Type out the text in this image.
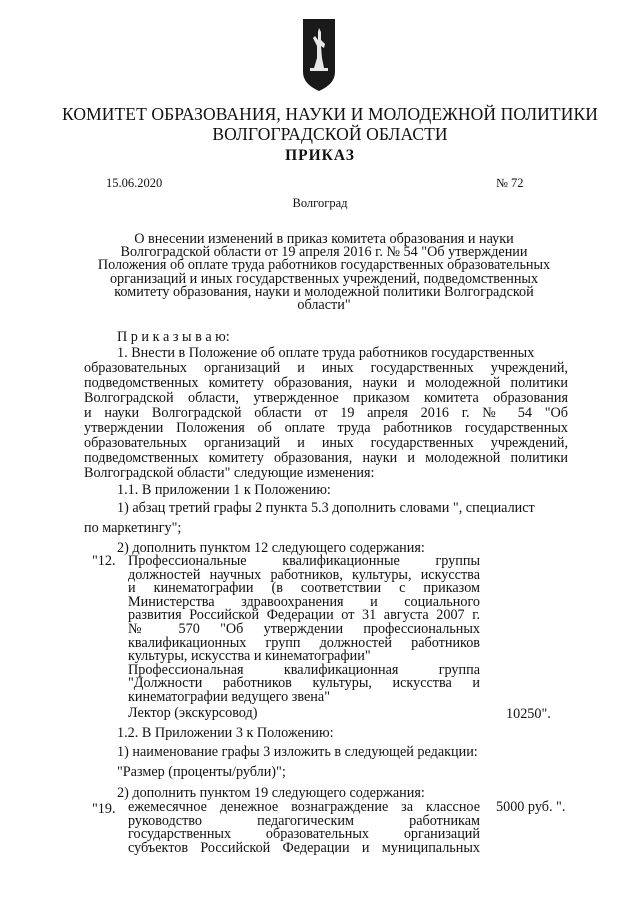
КОМИТЕТ ОБРАЗОВАНИЯ, НАУКИ И МОЛОДЕЖНОЙ ПОЛИТИКИ
ВОЛГОГРАДСКОЙ ОБЛАСТИ
ПРИКАЗ
15.06.2020	№ 72
Волгоград
О внесении изменений в приказ комитета образования и науки
Волгоградской области от 19 апреля 2016 г. № 54 "Об утверждении
Положения об оплате труда работников государственных образовательных
организаций и иных государственных учреждений, подведомственных
комитету образования, науки и молодежной политики Волгоградской
области"
П р и к а з ы в а ю:
1. Внести в Положение об оплате труда работников государственных
образовательных организаций и иных государственных учреждений,
подведомственных комитету образования, науки и молодежной политики
Волгоградской области, утвержденное приказом комитета образования
и науки Волгоградской области от 19 апреля 2016 г. № 54 "Об
утверждении Положения об оплате труда работников государственных
образовательных организаций и иных государственных учреждений,
подведомственных комитету образования, науки и молодежной политики
Волгоградской области" следующие изменения:
1.1. В приложении 1 к Положению:
1) абзац третий графы 2 пункта 5.3 дополнить словами ", специалист
по маркетингу";
2) дополнить пунктом 12 следующего содержания:
"12. Профессиональные квалификационные группы
должностей научных работников, культуры, искусства
и кинематографии (в соответствии с приказом
Министерства здравоохранения и социального
развития Российской Федерации от 31 августа 2007 г.
№ 570 "Об утверждении профессиональных
квалификационных групп должностей работников
культуры, искусства и кинематографии"
Профессиональная квалификационная группа
"Должности работников культуры, искусства и
кинематографии ведущего звена"
Лектор (экскурсовод)	10250".
1.2. В Приложении 3 к Положению:
1) наименование графы 3 изложить в следующей редакции:
"Размер (проценты/рубли)";
2) дополнить пунктом 19 следующего содержания:
"19. ежемесячное денежное вознаграждение за классное
руководство педагогическим работникам
государственных образовательных организаций
субъектов Российской Федерации и муниципальных
5000 руб. ".
